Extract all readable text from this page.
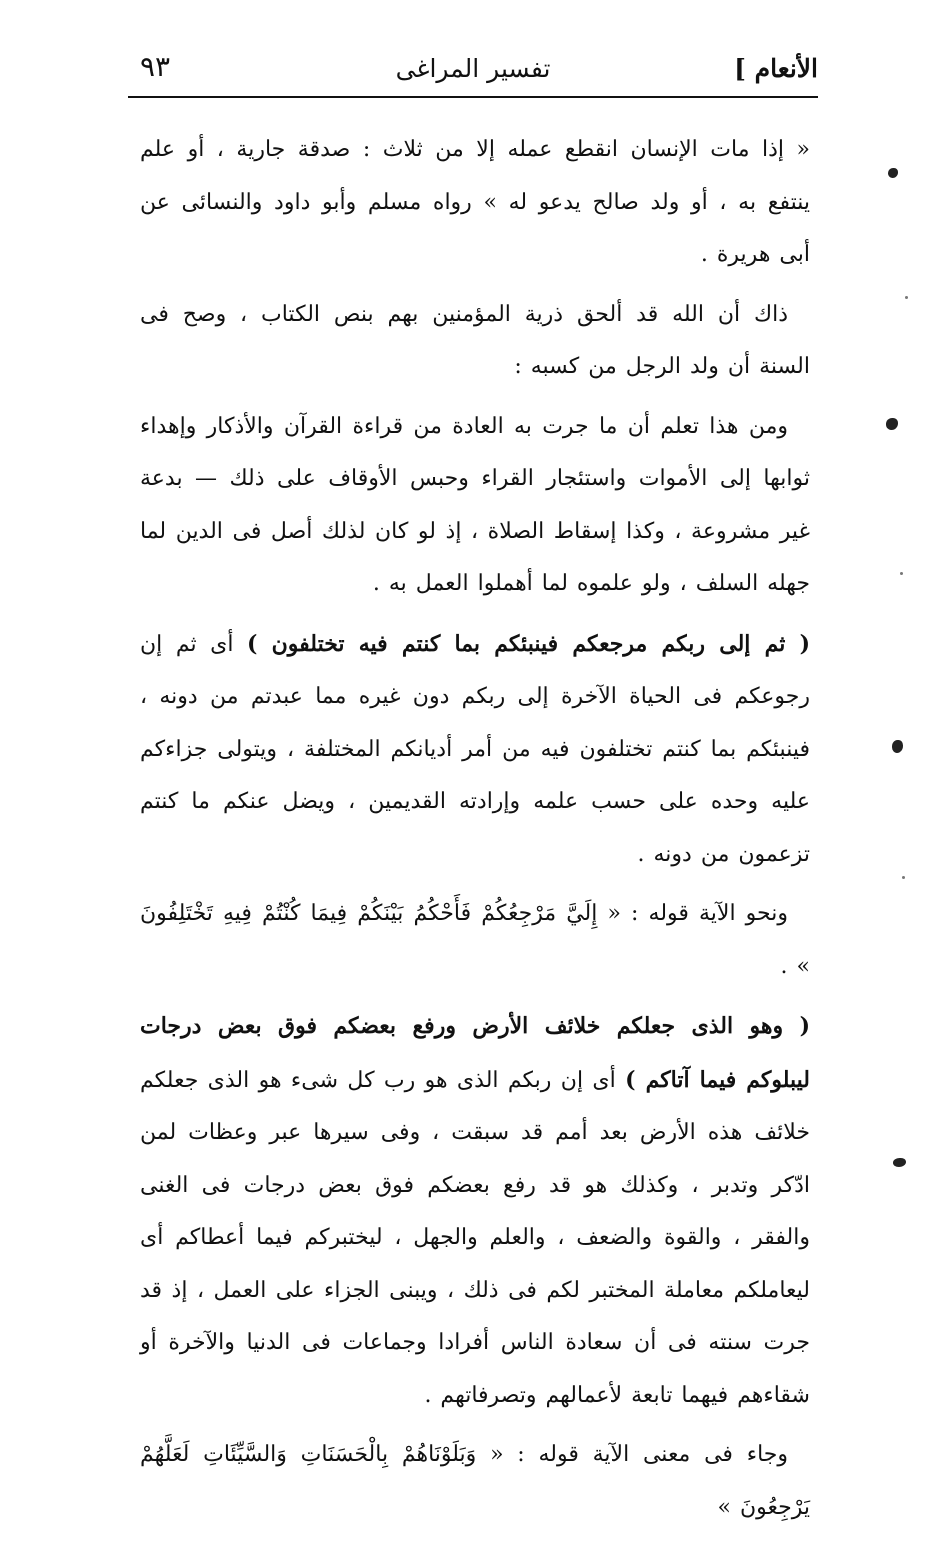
الأنعام ]
تفسير المراغى
٩٣

« إذا مات الإنسان انقطع عمله إلا من ثلاث : صدقة جارية ، أو علم ينتفع به ، أو ولد صالح يدعو له » رواه مسلم وأبو داود والنسائى عن أبى هريرة .

ذاك أن الله قد ألحق ذرية المؤمنين بهم بنص الكتاب ، وصح فى السنة أن ولد الرجل من كسبه :

ومن هذا تعلم أن ما جرت به العادة من قراءة القرآن والأذكار وإهداء ثوابها إلى الأموات واستئجار القراء وحبس الأوقاف على ذلك — بدعة غير مشروعة ، وكذا إسقاط الصلاة ، إذ لو كان لذلك أصل فى الدين لما جهله السلف ، ولو علموه لما أهملوا العمل به .

( ثم إلى ربكم مرجعكم فينبئكم بما كنتم فيه تختلفون ) أى ثم إن رجوعكم فى الحياة الآخرة إلى ربكم دون غيره مما عبدتم من دونه ، فينبئكم بما كنتم تختلفون فيه من أمر أديانكم المختلفة ، ويتولى جزاءكم عليه وحده على حسب علمه وإرادته القديمين ، ويضل عنكم ما كنتم تزعمون من دونه .

ونحو الآية قوله : « إِلَيَّ مَرْجِعُكُمْ فَأَحْكُمُ بَيْنَكُمْ فِيمَا كُنْتُمْ فِيهِ تَخْتَلِفُونَ » .

( وهو الذى جعلكم خلائف الأرض ورفع بعضكم فوق بعض درجات ليبلوكم فيما آتاكم ) أى إن ربكم الذى هو رب كل شىء هو الذى جعلكم خلائف هذه الأرض بعد أمم قد سبقت ، وفى سيرها عبر وعظات لمن ادّكر وتدبر ، وكذلك هو قد رفع بعضكم فوق بعض درجات فى الغنى والفقر ، والقوة والضعف ، والعلم والجهل ، ليختبركم فيما أعطاكم أى ليعاملكم معاملة المختبر لكم فى ذلك ، ويبنى الجزاء على العمل ، إذ قد جرت سنته فى أن سعادة الناس أفرادا وجماعات فى الدنيا والآخرة أو شقاءهم فيهما تابعة لأعمالهم وتصرفاتهم .

وجاء فى معنى الآية قوله : « وَبَلَوْنَاهُمْ بِالْحَسَنَاتِ وَالسَّيِّئَاتِ لَعَلَّهُمْ يَرْجِعُونَ »
